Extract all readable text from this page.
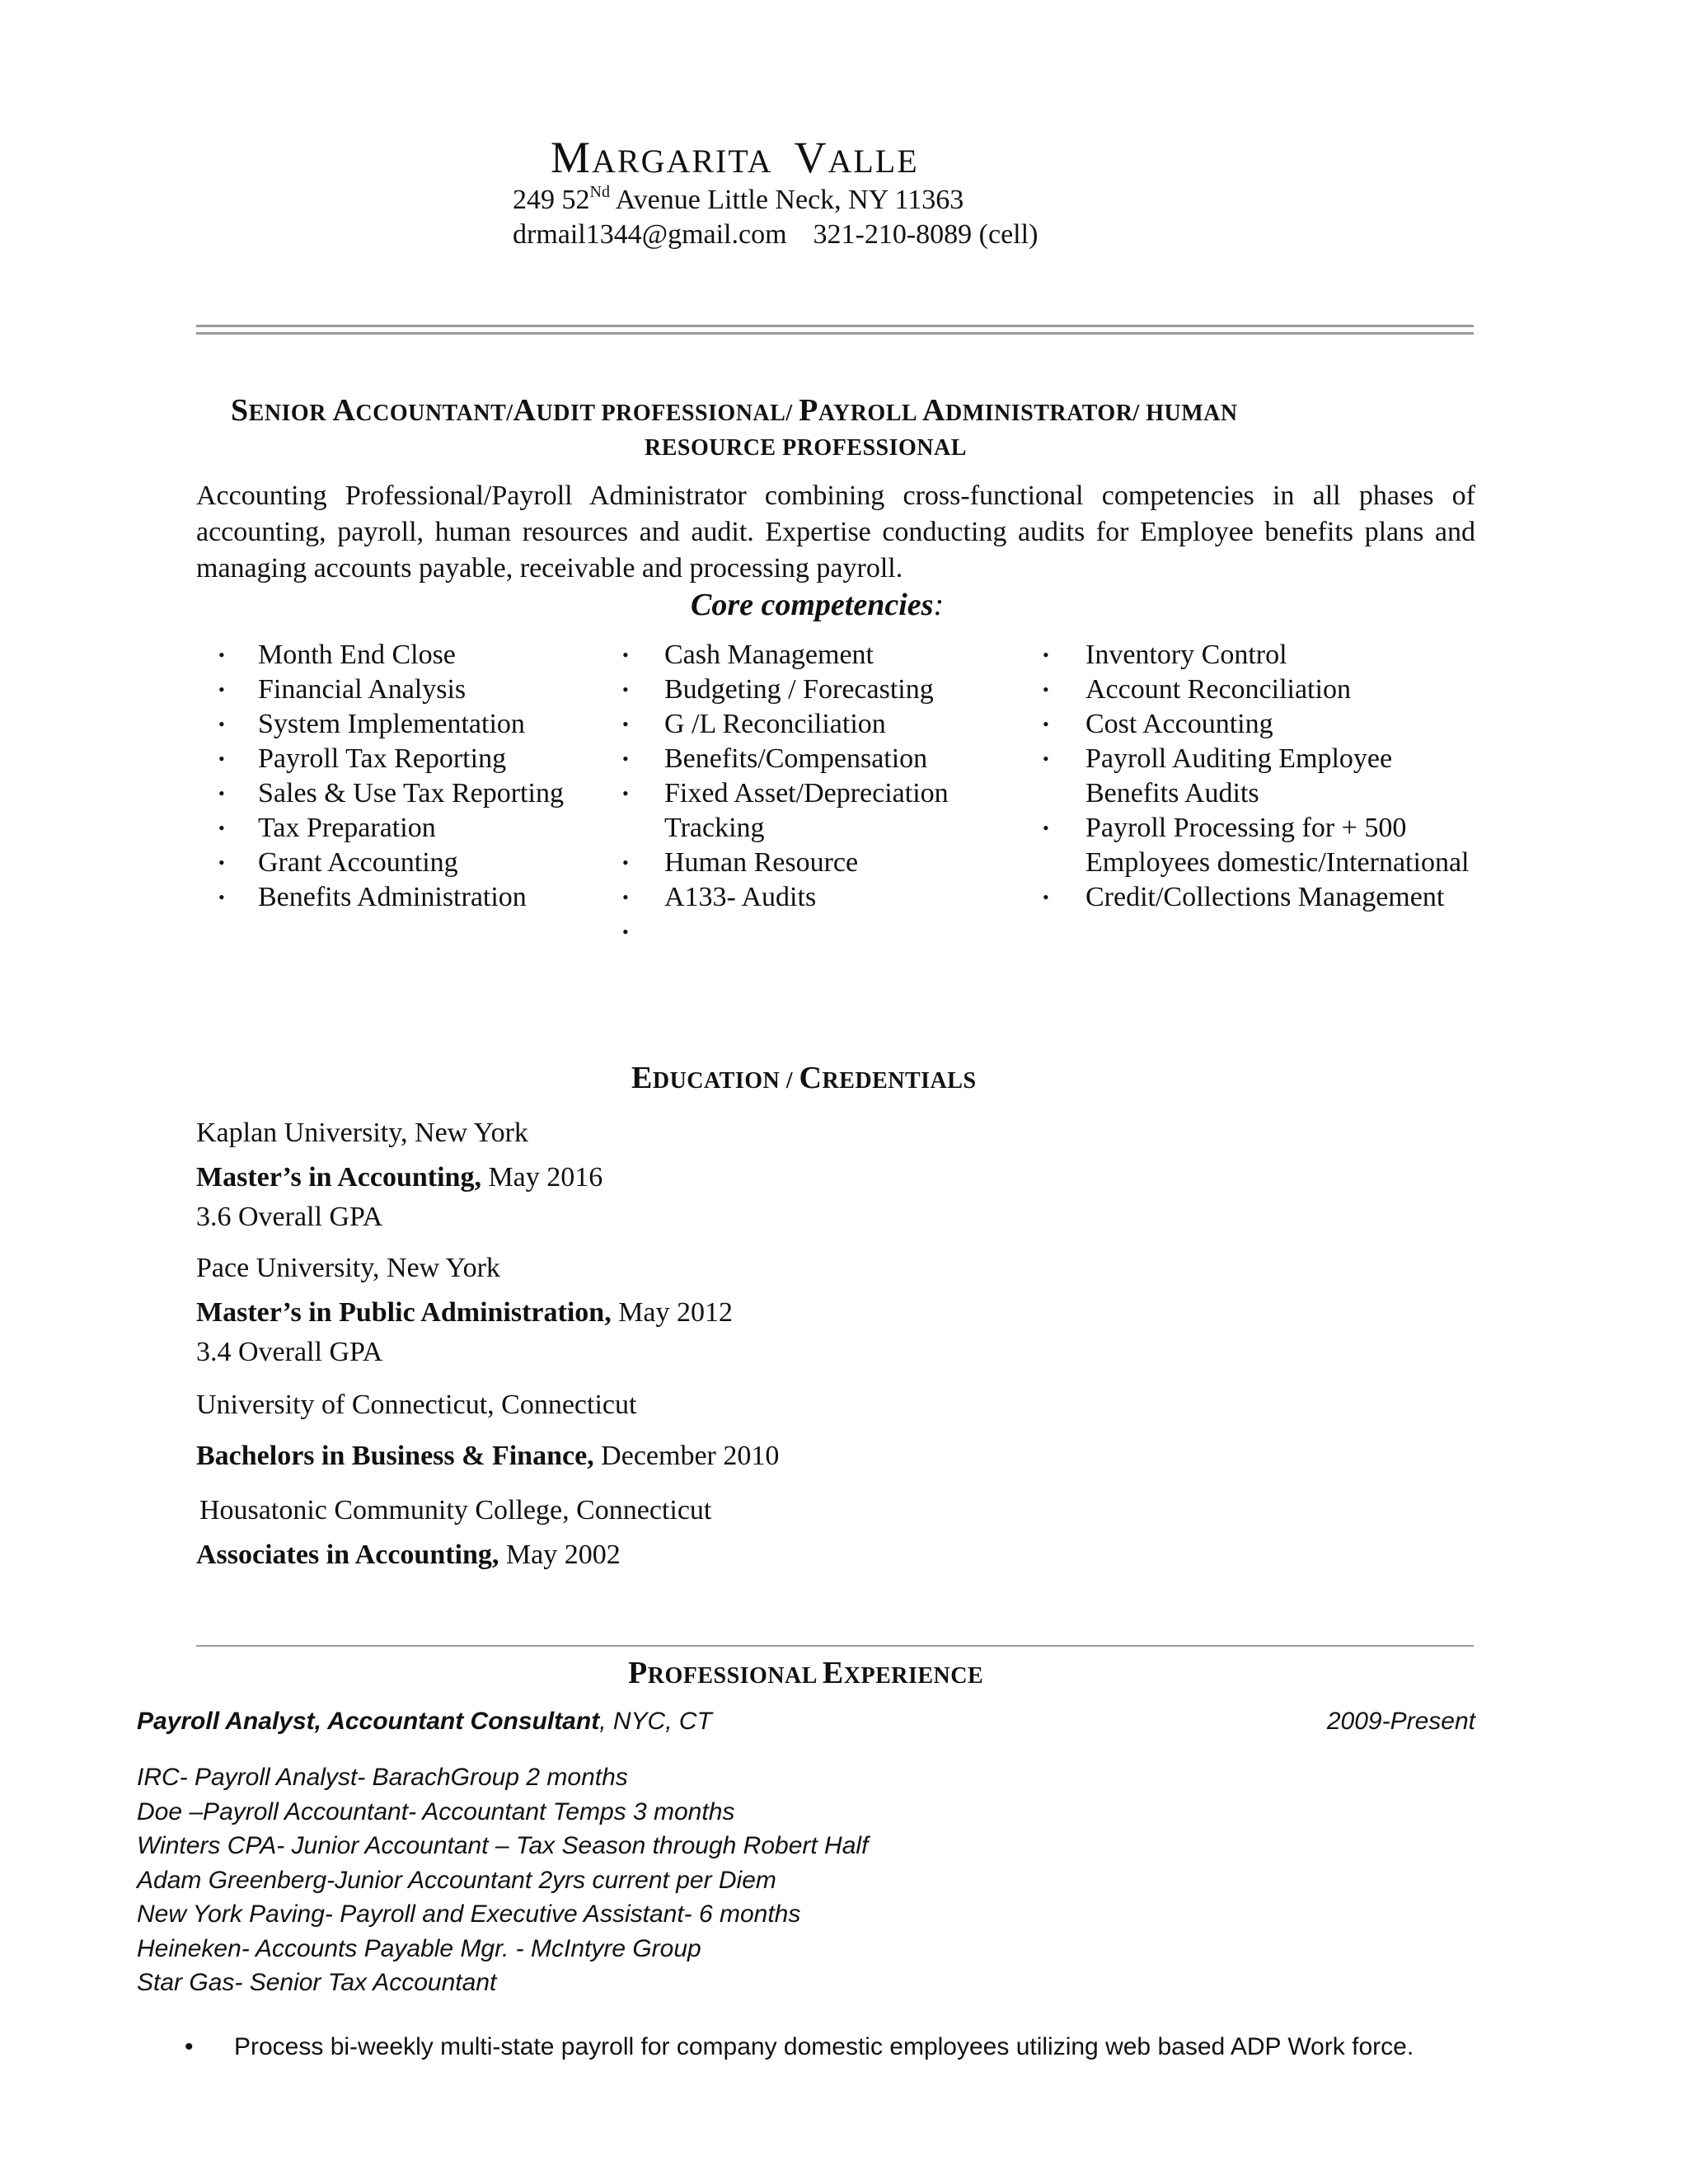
MARGARITA VALLE
249 52Nd Avenue Little Neck, NY 11363
drmail1344@gmail.com 321-210-8089 (cell)
SENIOR ACCOUNTANT/AUDIT PROFESSIONAL/ PAYROLL ADMINISTRATOR/ HUMAN
RESOURCE PROFESSIONAL
Accounting Professional/Payroll Administrator combining cross-functional competencies in all phases of accounting, payroll, human resources and audit. Expertise conducting audits for Employee benefits plans and managing accounts payable, receivable and processing payroll.
Core competencies:
• Month End Close
• Financial Analysis
• System Implementation
• Payroll Tax Reporting
• Sales & Use Tax Reporting
• Tax Preparation
• Grant Accounting
• Benefits Administration
• Cash Management
• Budgeting / Forecasting
• G /L Reconciliation
• Benefits/Compensation
• Fixed Asset/Depreciation
Tracking
• Human Resource
• A133- Audits
•
• Inventory Control
• Account Reconciliation
• Cost Accounting
• Payroll Auditing Employee
Benefits Audits
• Payroll Processing for + 500
Employees domestic/International
• Credit/Collections Management
EDUCATION / CREDENTIALS
Kaplan University, New York
Master’s in Accounting, May 2016
3.6 Overall GPA
Pace University, New York
Master’s in Public Administration, May 2012
3.4 Overall GPA
University of Connecticut, Connecticut
Bachelors in Business & Finance, December 2010
Housatonic Community College, Connecticut
Associates in Accounting, May 2002
PROFESSIONAL EXPERIENCE
Payroll Analyst, Accountant Consultant, NYC, CT	2009-Present
IRC- Payroll Analyst- BarachGroup 2 months
Doe –Payroll Accountant- Accountant Temps 3 months
Winters CPA- Junior Accountant – Tax Season through Robert Half
Adam Greenberg-Junior Accountant 2yrs current per Diem
New York Paving- Payroll and Executive Assistant- 6 months
Heineken- Accounts Payable Mgr. - McIntyre Group
Star Gas- Senior Tax Accountant
• Process bi-weekly multi-state payroll for company domestic employees utilizing web based ADP Work force.
